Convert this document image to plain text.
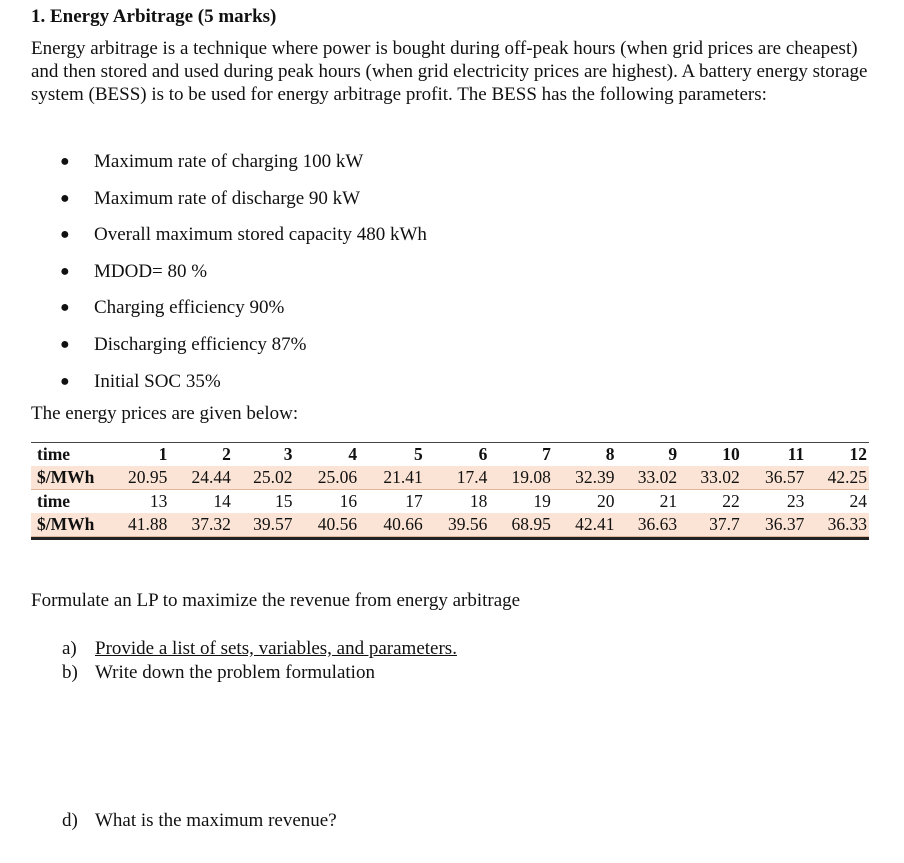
1. Energy Arbitrage (5 marks)
Energy arbitrage is a technique where power is bought during off-peak hours (when grid prices are cheapest) and then stored and used during peak hours (when grid electricity prices are highest). A battery energy storage system (BESS) is to be used for energy arbitrage profit. The BESS has the following parameters:
● Maximum rate of charging 100 kW
● Maximum rate of discharge 90 kW
● Overall maximum stored capacity 480 kWh
● MDOD= 80 %
● Charging efficiency 90%
● Discharging efficiency 87%
● Initial SOC 35%
The energy prices are given below:
time	1	2	3	4	5	6	7	8	9	10	11	12
$/MWh	20.95	24.44	25.02	25.06	21.41	17.4	19.08	32.39	33.02	33.02	36.57	42.25
time	13	14	15	16	17	18	19	20	21	22	23	24
$/MWh	41.88	37.32	39.57	40.56	40.66	39.56	68.95	42.41	36.63	37.7	36.37	36.33
Formulate an LP to maximize the revenue from energy arbitrage
a) Provide a list of sets, variables, and parameters.
b) Write down the problem formulation
d) What is the maximum revenue?
